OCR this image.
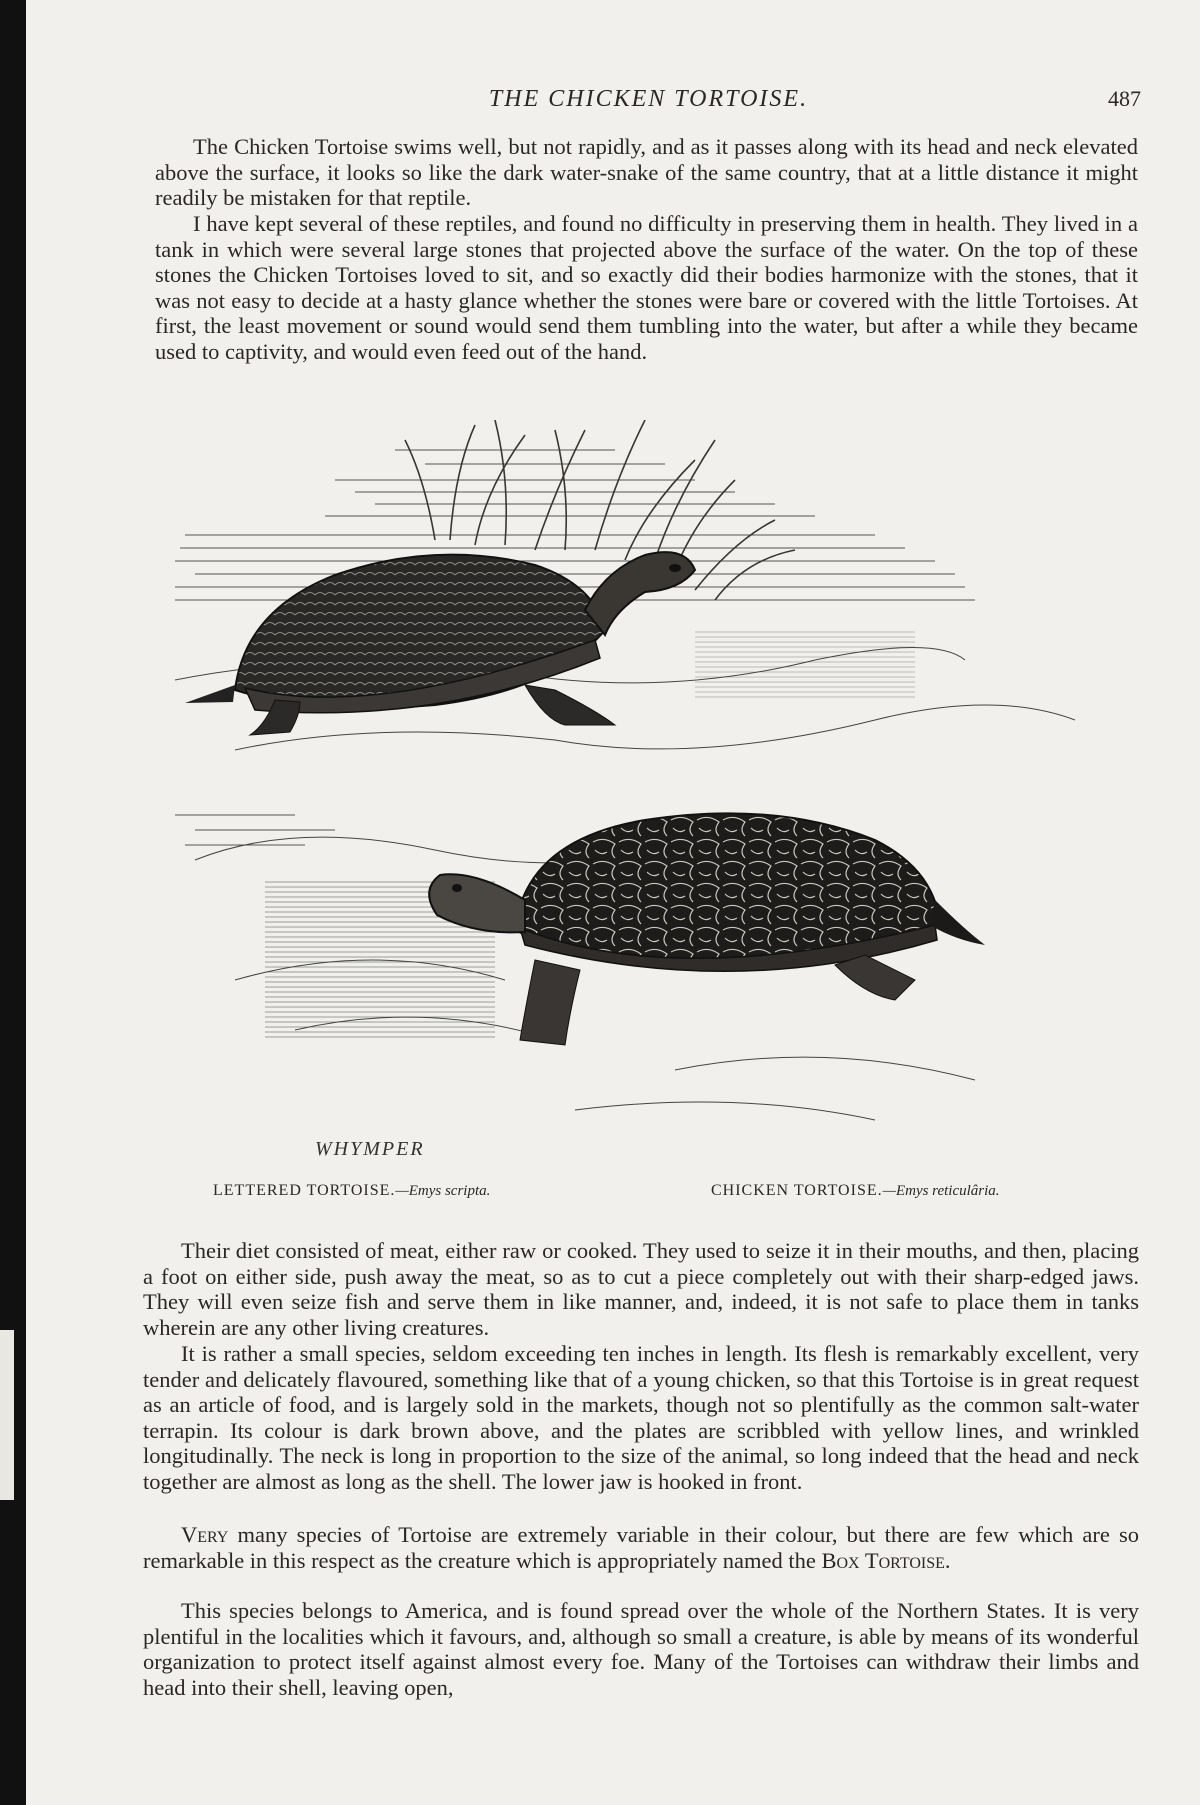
THE CHICKEN TORTOISE.	487

The Chicken Tortoise swims well, but not rapidly, and as it passes along with its head and neck elevated above the surface, it looks so like the dark water-snake of the same country, that at a little distance it might readily be mistaken for that reptile.

I have kept several of these reptiles, and found no difficulty in preserving them in health. They lived in a tank in which were several large stones that projected above the surface of the water. On the top of these stones the Chicken Tortoises loved to sit, and so exactly did their bodies harmonize with the stones, that it was not easy to decide at a hasty glance whether the stones were bare or covered with the little Tortoises. At first, the least movement or sound would send them tumbling into the water, but after a while they became used to captivity, and would even feed out of the hand.

WHYMPER
LETTERED TORTOISE.—Emys scripta.	CHICKEN TORTOISE.—Emys reticulâria.

Their diet consisted of meat, either raw or cooked. They used to seize it in their mouths, and then, placing a foot on either side, push away the meat, so as to cut a piece completely out with their sharp-edged jaws. They will even seize fish and serve them in like manner, and, indeed, it is not safe to place them in tanks wherein are any other living creatures.

It is rather a small species, seldom exceeding ten inches in length. Its flesh is remarkably excellent, very tender and delicately flavoured, something like that of a young chicken, so that this Tortoise is in great request as an article of food, and is largely sold in the markets, though not so plentifully as the common salt-water terrapin. Its colour is dark brown above, and the plates are scribbled with yellow lines, and wrinkled longitudinally. The neck is long in proportion to the size of the animal, so long indeed that the head and neck together are almost as long as the shell. The lower jaw is hooked in front.

Very many species of Tortoise are extremely variable in their colour, but there are few which are so remarkable in this respect as the creature which is appropriately named the Box Tortoise.

This species belongs to America, and is found spread over the whole of the Northern States. It is very plentiful in the localities which it favours, and, although so small a creature, is able by means of its wonderful organization to protect itself against almost every foe. Many of the Tortoises can withdraw their limbs and head into their shell, leaving open,
